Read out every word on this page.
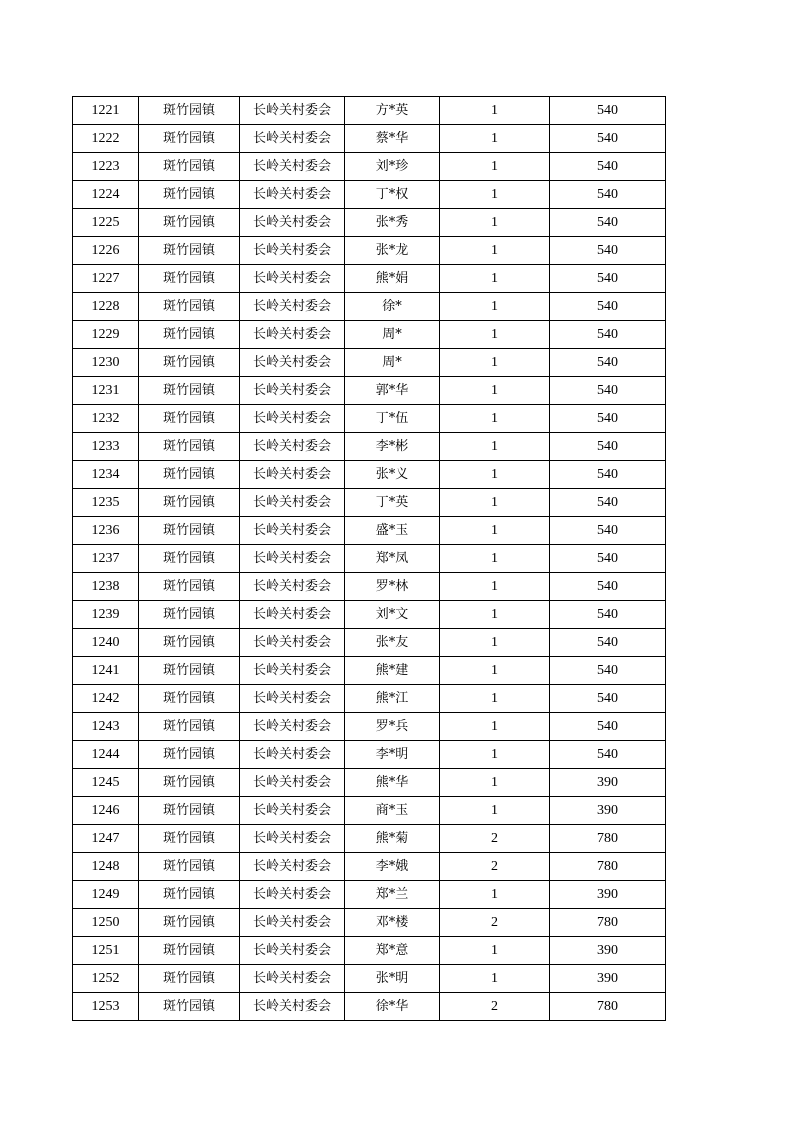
1221	斑竹园镇	长岭关村委会	方*英	1	540
1222	斑竹园镇	长岭关村委会	蔡*华	1	540
1223	斑竹园镇	长岭关村委会	刘*珍	1	540
1224	斑竹园镇	长岭关村委会	丁*权	1	540
1225	斑竹园镇	长岭关村委会	张*秀	1	540
1226	斑竹园镇	长岭关村委会	张*龙	1	540
1227	斑竹园镇	长岭关村委会	熊*娟	1	540
1228	斑竹园镇	长岭关村委会	徐*	1	540
1229	斑竹园镇	长岭关村委会	周*	1	540
1230	斑竹园镇	长岭关村委会	周*	1	540
1231	斑竹园镇	长岭关村委会	郭*华	1	540
1232	斑竹园镇	长岭关村委会	丁*伍	1	540
1233	斑竹园镇	长岭关村委会	李*彬	1	540
1234	斑竹园镇	长岭关村委会	张*义	1	540
1235	斑竹园镇	长岭关村委会	丁*英	1	540
1236	斑竹园镇	长岭关村委会	盛*玉	1	540
1237	斑竹园镇	长岭关村委会	郑*凤	1	540
1238	斑竹园镇	长岭关村委会	罗*林	1	540
1239	斑竹园镇	长岭关村委会	刘*文	1	540
1240	斑竹园镇	长岭关村委会	张*友	1	540
1241	斑竹园镇	长岭关村委会	熊*建	1	540
1242	斑竹园镇	长岭关村委会	熊*江	1	540
1243	斑竹园镇	长岭关村委会	罗*兵	1	540
1244	斑竹园镇	长岭关村委会	李*明	1	540
1245	斑竹园镇	长岭关村委会	熊*华	1	390
1246	斑竹园镇	长岭关村委会	商*玉	1	390
1247	斑竹园镇	长岭关村委会	熊*菊	2	780
1248	斑竹园镇	长岭关村委会	李*娥	2	780
1249	斑竹园镇	长岭关村委会	郑*兰	1	390
1250	斑竹园镇	长岭关村委会	邓*楼	2	780
1251	斑竹园镇	长岭关村委会	郑*意	1	390
1252	斑竹园镇	长岭关村委会	张*明	1	390
1253	斑竹园镇	长岭关村委会	徐*华	2	780
